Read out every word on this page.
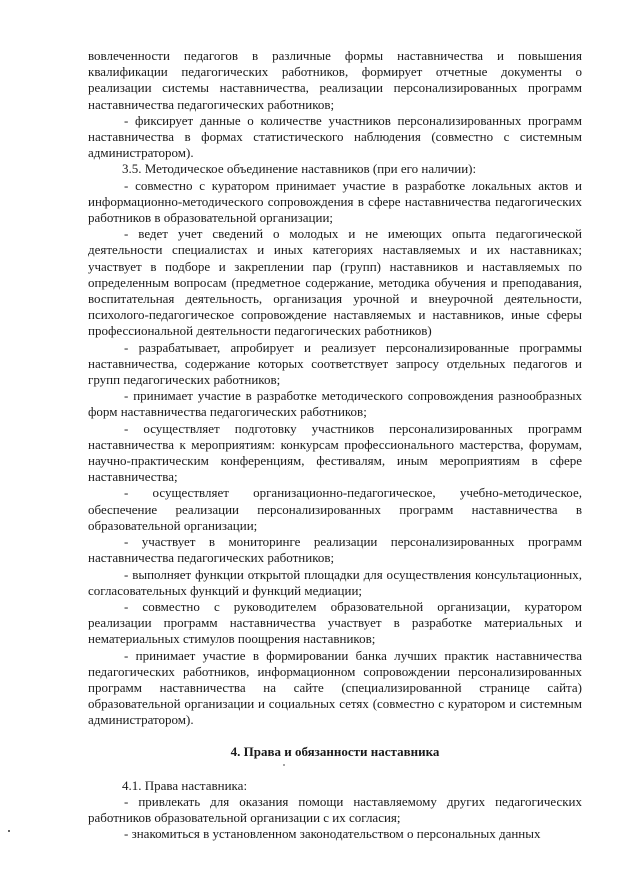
вовлеченности педагогов в различные формы наставничества и повышения квалификации педагогических работников, формирует отчетные документы о реализации системы наставничества, реализации персонализированных программ наставничества педагогических работников;

- фиксирует данные о количестве участников персонализированных программ наставничества в формах статистического наблюдения (совместно с системным администратором).

3.5. Методическое объединение наставников (при его наличии):

- совместно с куратором принимает участие в разработке локальных актов и информационно-методического сопровождения в сфере наставничества педагогических работников в образовательной организации;

- ведет учет сведений о молодых и не имеющих опыта педагогической деятельности специалистах и иных категориях наставляемых и их наставниках; участвует в подборе и закреплении пар (групп) наставников и наставляемых по определенным вопросам (предметное содержание, методика обучения и преподавания, воспитательная деятельность, организация урочной и внеурочной деятельности, психолого-педагогическое сопровождение наставляемых и наставников, иные сферы профессиональной деятельности педагогических работников)

- разрабатывает, апробирует и реализует персонализированные программы наставничества, содержание которых соответствует запросу отдельных педагогов и групп педагогических работников;

- принимает участие в разработке методического сопровождения разнообразных форм наставничества педагогических работников;

- осуществляет подготовку участников персонализированных программ наставничества к мероприятиям: конкурсам профессионального мастерства, форумам, научно-практическим конференциям, фестивалям, иным мероприятиям в сфере наставничества;

- осуществляет организационно-педагогическое, учебно-методическое, обеспечение реализации персонализированных программ наставничества в образовательной организации;

- участвует в мониторинге реализации персонализированных программ наставничества педагогических работников;

- выполняет функции открытой площадки для осуществления консультационных, согласовательных функций и функций медиации;

- совместно с руководителем образовательной организации, куратором реализации программ наставничества участвует в разработке материальных и нематериальных стимулов поощрения наставников;

- принимает участие в формировании банка лучших практик наставничества педагогических работников, информационном сопровождении персонализированных программ наставничества на сайте (специализированной странице сайта) образовательной организации и социальных сетях (совместно с куратором и системным администратором).

4. Права и обязанности наставника

4.1. Права наставника:

- привлекать для оказания помощи наставляемому других педагогических работников образовательной организации с их согласия;

- знакомиться в установленном законодательством о персональных данных
